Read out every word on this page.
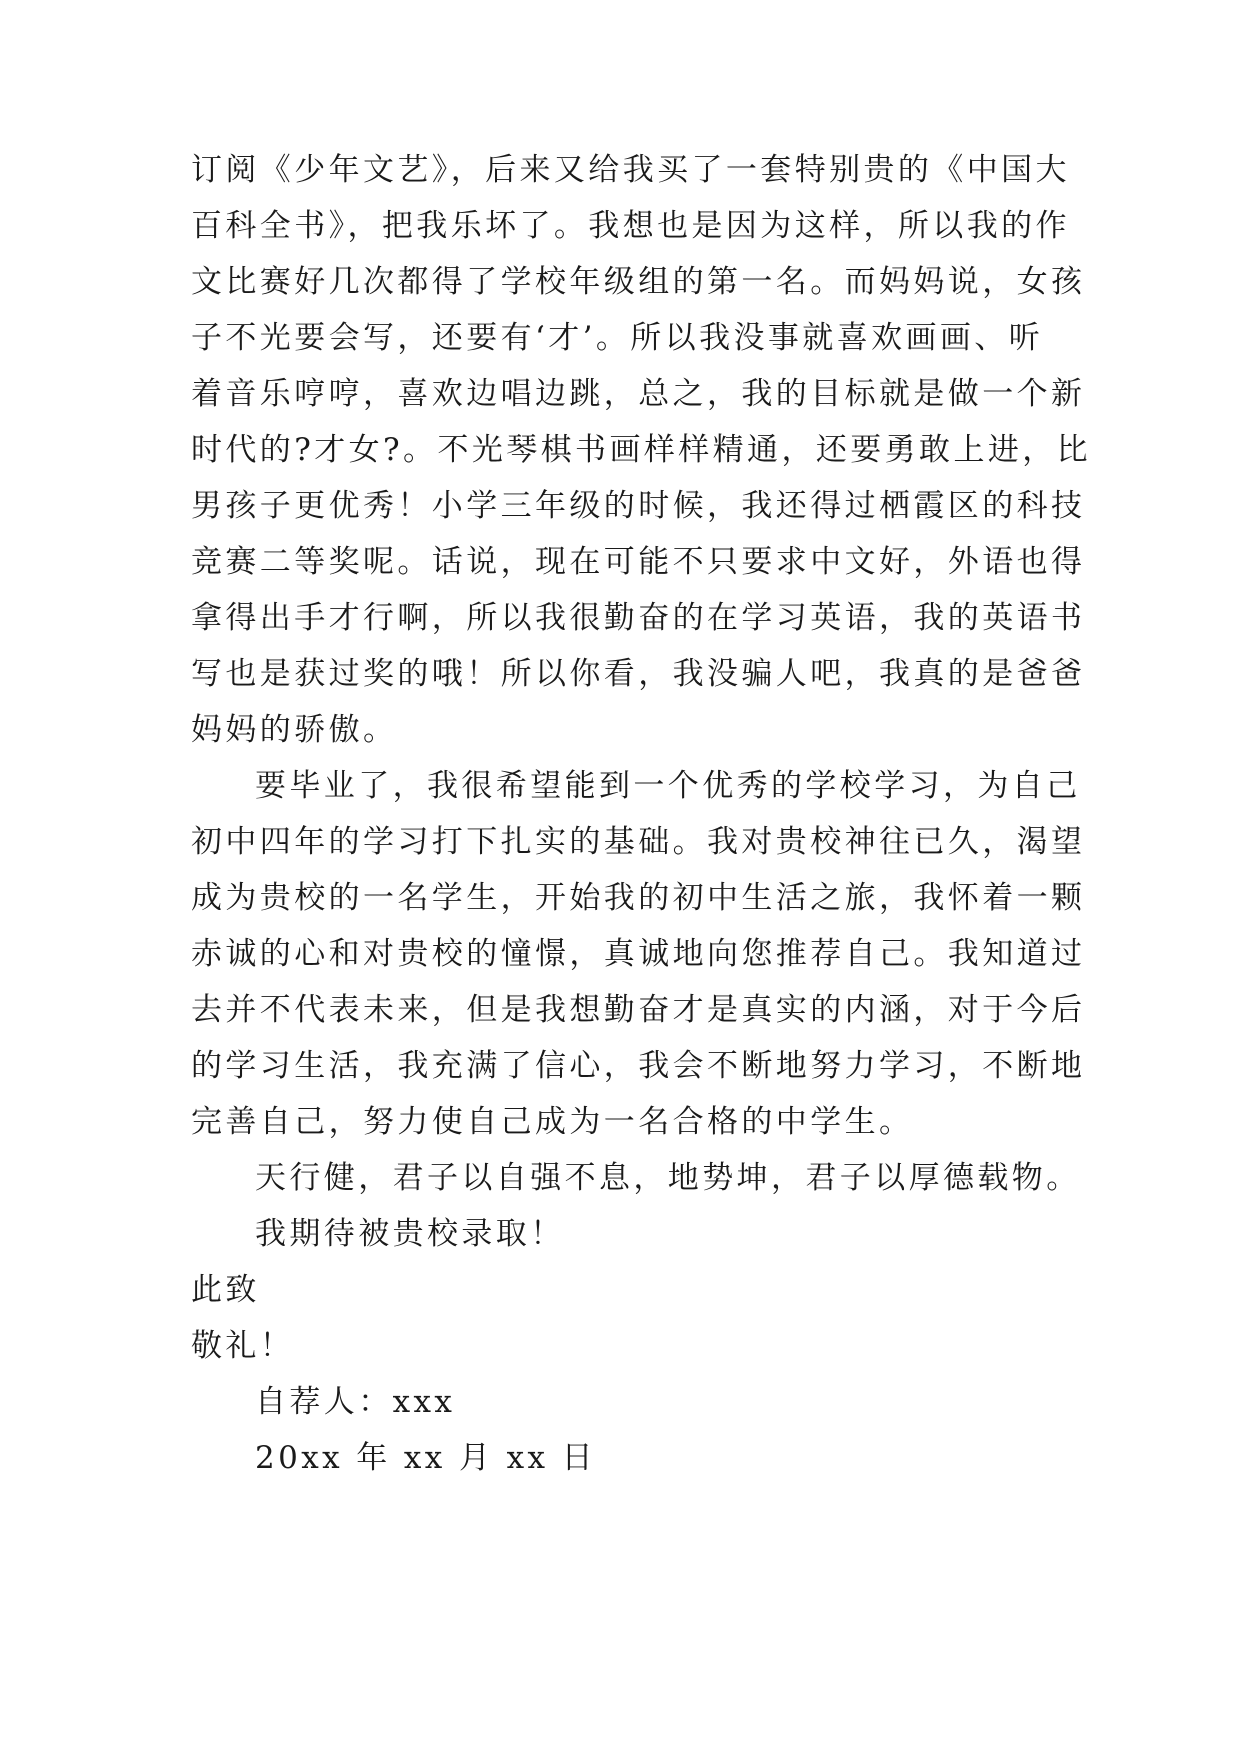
订阅《少年文艺》，后来又给我买了一套特别贵的《中国大
百科全书》，把我乐坏了。我想也是因为这样，所以我的作
文比赛好几次都得了学校年级组的第一名。而妈妈说，女孩
子不光要会写，还要有‘才’。所以我没事就喜欢画画、听
着音乐哼哼，喜欢边唱边跳，总之，我的目标就是做一个新
时代的?才女?。不光琴棋书画样样精通，还要勇敢上进，比
男孩子更优秀！小学三年级的时候，我还得过栖霞区的科技
竞赛二等奖呢。话说，现在可能不只要求中文好，外语也得
拿得出手才行啊，所以我很勤奋的在学习英语，我的英语书
写也是获过奖的哦！所以你看，我没骗人吧，我真的是爸爸
妈妈的骄傲。
要毕业了，我很希望能到一个优秀的学校学习，为自己
初中四年的学习打下扎实的基础。我对贵校神往已久，渴望
成为贵校的一名学生，开始我的初中生活之旅，我怀着一颗
赤诚的心和对贵校的憧憬，真诚地向您推荐自己。我知道过
去并不代表未来，但是我想勤奋才是真实的内涵，对于今后
的学习生活，我充满了信心，我会不断地努力学习，不断地
完善自己，努力使自己成为一名合格的中学生。
天行健，君子以自强不息，地势坤，君子以厚德载物。
我期待被贵校录取！
此致
敬礼！
自荐人：xxx
20xx 年 xx 月 xx 日
